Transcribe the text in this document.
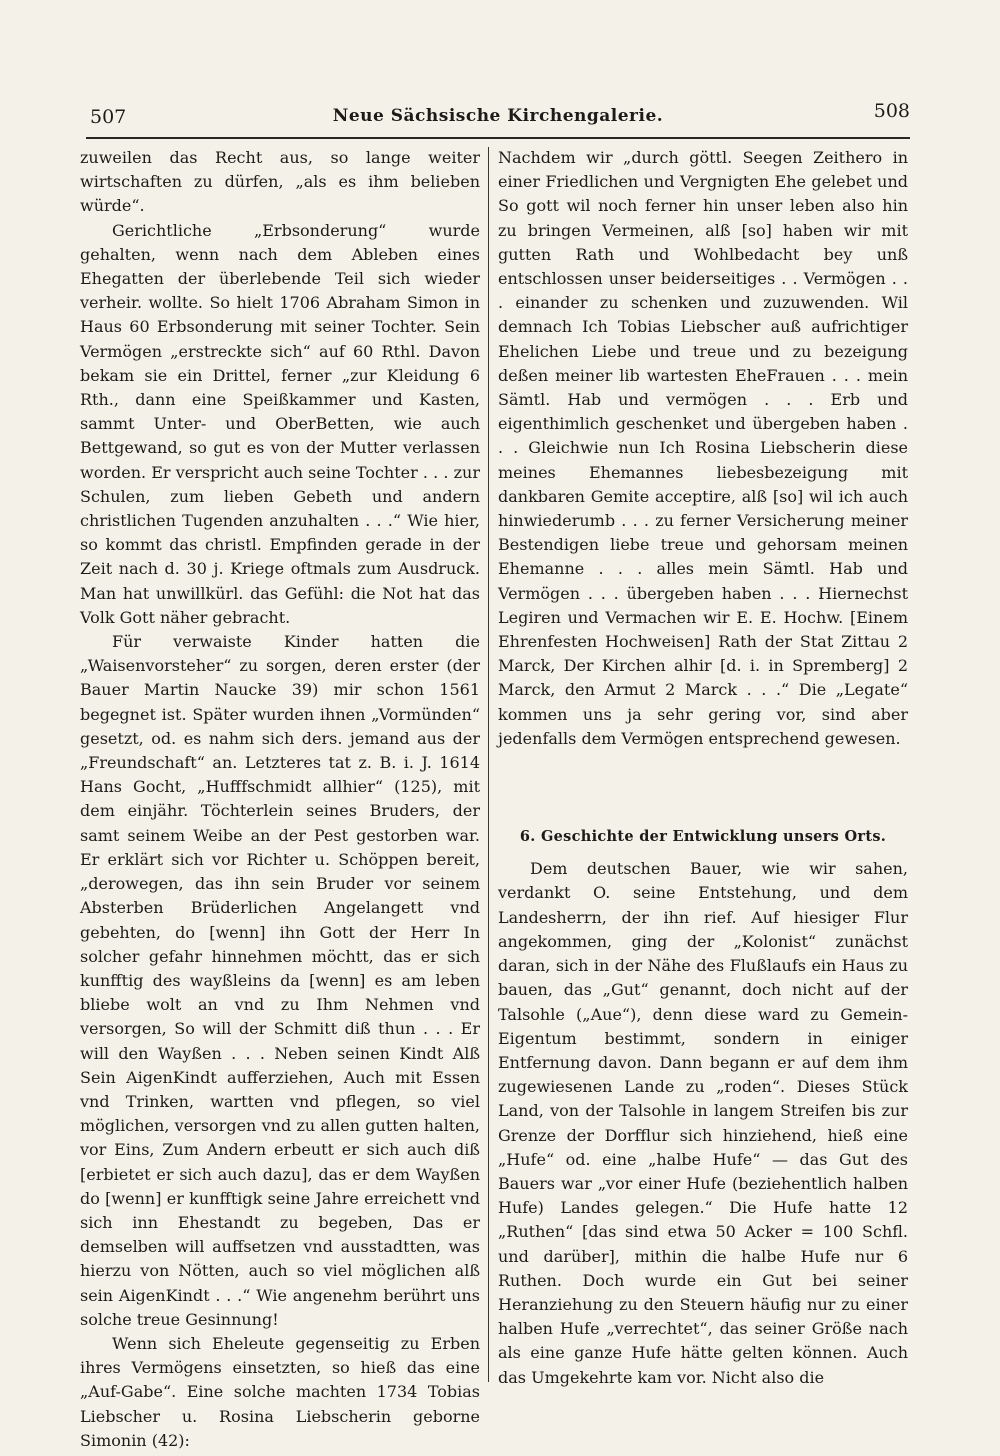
507	Neue Sächsische Kirchengalerie.	508

zuweilen das Recht aus, so lange weiter wirtschaften zu dürfen, „als es ihm belieben würde“.

Gerichtliche „Erbsonderung“ wurde gehalten, wenn nach dem Ableben eines Ehegatten der überlebende Teil sich wieder verheir. wollte. So hielt 1706 Abraham Simon in Haus 60 Erbsonderung mit seiner Tochter. Sein Vermögen „erstreckte sich“ auf 60 Rthl. Davon bekam sie ein Drittel, ferner „zur Kleidung 6 Rth., dann eine Speißkammer und Kasten, sammt Unter- und OberBetten, wie auch Bettgewand, so gut es von der Mutter verlassen worden. Er verspricht auch seine Tochter . . . zur Schulen, zum lieben Gebeth und andern christlichen Tugenden anzuhalten . . .“ Wie hier, so kommt das christl. Empfinden gerade in der Zeit nach d. 30 j. Kriege oftmals zum Ausdruck. Man hat unwillkürl. das Gefühl: die Not hat das Volk Gott näher gebracht.

Für verwaiste Kinder hatten die „Waisenvorsteher“ zu sorgen, deren erster (der Bauer Martin Naucke 39) mir schon 1561 begegnet ist. Später wurden ihnen „Vormünden“ gesetzt, od. es nahm sich ders. jemand aus der „Freundschaft“ an. Letzteres tat z. B. i. J. 1614 Hans Gocht, „Hufffschmidt allhier“ (125), mit dem einjähr. Töchterlein seines Bruders, der samt seinem Weibe an der Pest gestorben war. Er erklärt sich vor Richter u. Schöppen bereit, „derowegen, das ihn sein Bruder vor seinem Absterben Brüderlichen Angelangett vnd gebehten, do [wenn] ihn Gott der Herr In solcher gefahr hinnehmen möchtt, das er sich kunfftig des wayßleins da [wenn] es am leben bliebe wolt an vnd zu Ihm Nehmen vnd versorgen, So will der Schmitt diß thun . . . Er will den Wayßen . . . Neben seinen Kindt Alß Sein AigenKindt aufferziehen, Auch mit Essen vnd Trinken, wartten vnd pflegen, so viel möglichen, versorgen vnd zu allen gutten halten, vor Eins, Zum Andern erbeutt er sich auch diß [erbietet er sich auch dazu], das er dem Wayßen do [wenn] er kunfftigk seine Jahre erreichett vnd sich inn Ehestandt zu begeben, Das er demselben will auffsetzen vnd ausstadtten, was hierzu von Nötten, auch so viel möglichen alß sein AigenKindt . . .“ Wie angenehm berührt uns solche treue Gesinnung!

Wenn sich Eheleute gegenseitig zu Erben ihres Vermögens einsetzten, so hieß das eine „Auf-Gabe“. Eine solche machten 1734 Tobias Liebscher u. Rosina Liebscherin geborne Simonin (42):

Nachdem wir „durch göttl. Seegen Zeithero in einer Friedlichen und Vergnigten Ehe gelebet und So gott wil noch ferner hin unser leben also hin zu bringen Vermeinen, alß [so] haben wir mit gutten Rath und Wohlbedacht bey unß entschlossen unser beiderseitiges . . Vermögen . . . einander zu schenken und zuzuwenden. Wil demnach Ich Tobias Liebscher auß aufrichtiger Ehelichen Liebe und treue und zu bezeigung deßen meiner lib wartesten EheFrauen . . . mein Sämtl. Hab und vermögen . . . Erb und eigenthimlich geschenket und übergeben haben . . . Gleichwie nun Ich Rosina Liebscherin diese meines Ehemannes liebesbezeigung mit dankbaren Gemite acceptire, alß [so] wil ich auch hinwiederumb . . . zu ferner Versicherung meiner Bestendigen liebe treue und gehorsam meinen Ehemanne . . . alles mein Sämtl. Hab und Vermögen . . . übergeben haben . . . Hiernechst Legiren und Vermachen wir E. E. Hochw. [Einem Ehrenfesten Hochweisen] Rath der Stat Zittau 2 Marck, Der Kirchen alhir [d. i. in Spremberg] 2 Marck, den Armut 2 Marck . . .“ Die „Legate“ kommen uns ja sehr gering vor, sind aber jedenfalls dem Vermögen entsprechend gewesen.

6. Geschichte der Entwicklung unsers Orts.

Dem deutschen Bauer, wie wir sahen, verdankt O. seine Entstehung, und dem Landesherrn, der ihn rief. Auf hiesiger Flur angekommen, ging der „Kolonist“ zunächst daran, sich in der Nähe des Flußlaufs ein Haus zu bauen, das „Gut“ genannt, doch nicht auf der Talsohle („Aue“), denn diese ward zu Gemein-Eigentum bestimmt, sondern in einiger Entfernung davon. Dann begann er auf dem ihm zugewiesenen Lande zu „roden“. Dieses Stück Land, von der Talsohle in langem Streifen bis zur Grenze der Dorfflur sich hinziehend, hieß eine „Hufe“ od. eine „halbe Hufe“ — das Gut des Bauers war „vor einer Hufe (beziehentlich halben Hufe) Landes gelegen.“ Die Hufe hatte 12 „Ruthen“ [das sind etwa 50 Acker = 100 Schfl. und darüber], mithin die halbe Hufe nur 6 Ruthen. Doch wurde ein Gut bei seiner Heranziehung zu den Steuern häufig nur zu einer halben Hufe „verrechtet“, das seiner Größe nach als eine ganze Hufe hätte gelten können. Auch das Umgekehrte kam vor. Nicht also die
